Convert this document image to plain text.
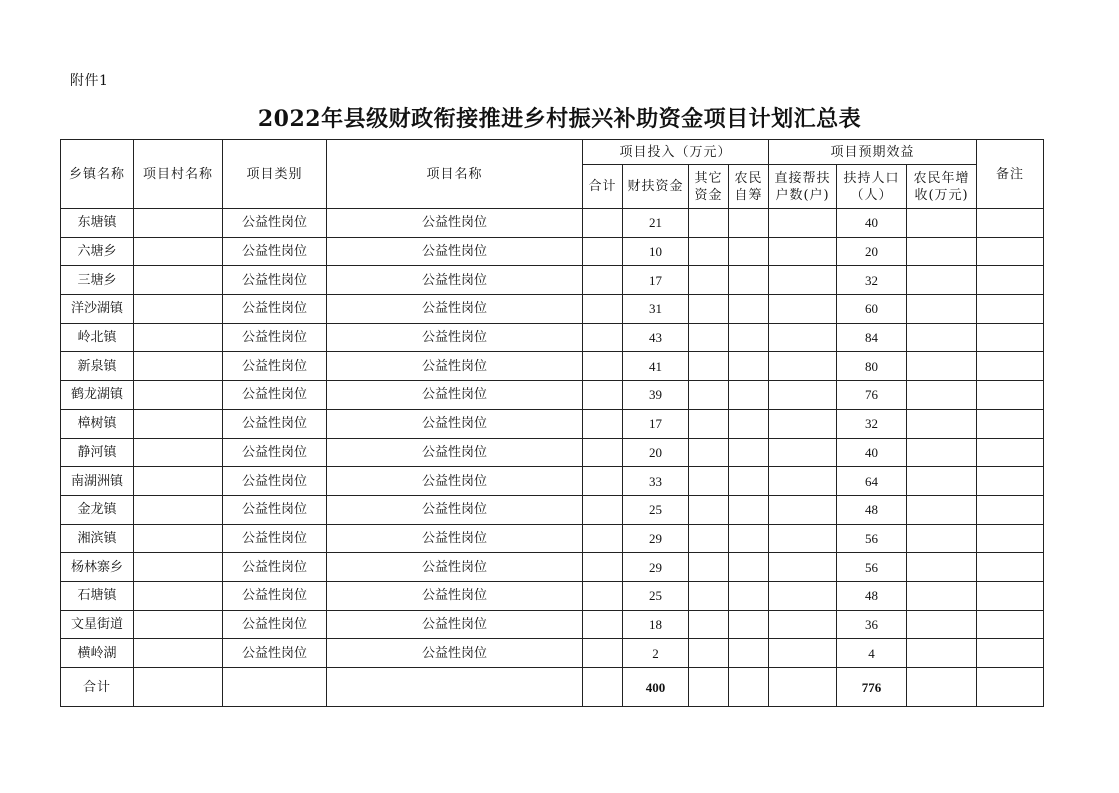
附件1
2022年县级财政衔接推进乡村振兴补助资金项目计划汇总表
乡镇名称	项目村名称	项目类别	项目名称	项目投入（万元）				项目预期效益			备注
				合计	财扶资金	其它资金	农民自筹	直接帮扶户数(户)	扶持人口（人）	农民年增收(万元)	
东塘镇		公益性岗位	公益性岗位		21				40		
六塘乡		公益性岗位	公益性岗位		10				20		
三塘乡		公益性岗位	公益性岗位		17				32		
洋沙湖镇		公益性岗位	公益性岗位		31				60		
岭北镇		公益性岗位	公益性岗位		43				84		
新泉镇		公益性岗位	公益性岗位		41				80		
鹤龙湖镇		公益性岗位	公益性岗位		39				76		
樟树镇		公益性岗位	公益性岗位		17				32		
静河镇		公益性岗位	公益性岗位		20				40		
南湖洲镇		公益性岗位	公益性岗位		33				64		
金龙镇		公益性岗位	公益性岗位		25				48		
湘滨镇		公益性岗位	公益性岗位		29				56		
杨林寨乡		公益性岗位	公益性岗位		29				56		
石塘镇		公益性岗位	公益性岗位		25				48		
文星街道		公益性岗位	公益性岗位		18				36		
横岭湖		公益性岗位	公益性岗位		2				4		
合计					400				776		
